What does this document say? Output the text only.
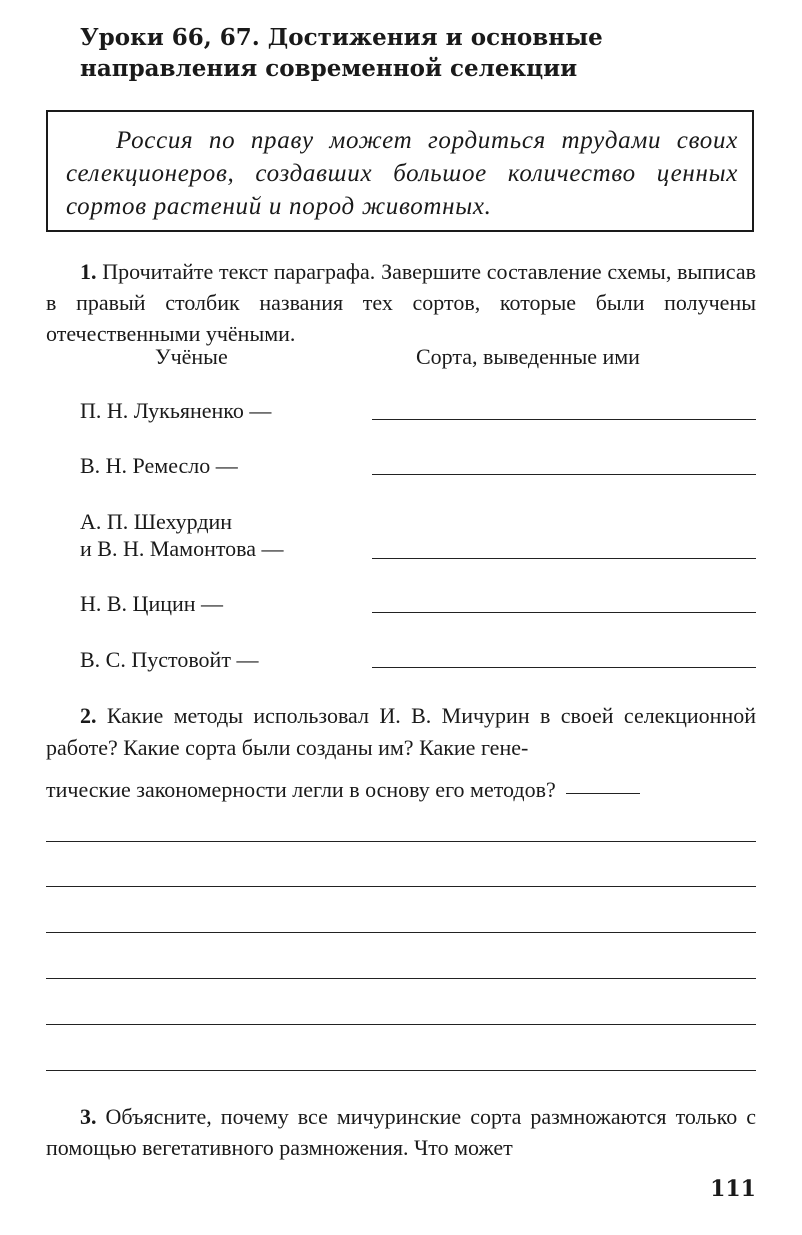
Уроки 66, 67. Достижения и основные направления современной селекции

Россия по праву может гордиться трудами своих селекционеров, создавших большое количество ценных сортов растений и пород животных.

1. Прочитайте текст параграфа. Завершите составление схемы, выписав в правый столбик названия тех сортов, которые были получены отечественными учёными.

Учёные	Сорта, выведенные ими
П. Н. Лукьяненко —
В. Н. Ремесло —
А. П. Шехурдин
и В. Н. Мамонтова —
Н. В. Цицин —
В. С. Пустовойт —

2. Какие методы использовал И. В. Мичурин в своей селекционной работе? Какие сорта были созданы им? Какие гене-

тические закономерности легли в основу его методов?

3. Объясните, почему все мичуринские сорта размножаются только с помощью вегетативного размножения. Что может

111
